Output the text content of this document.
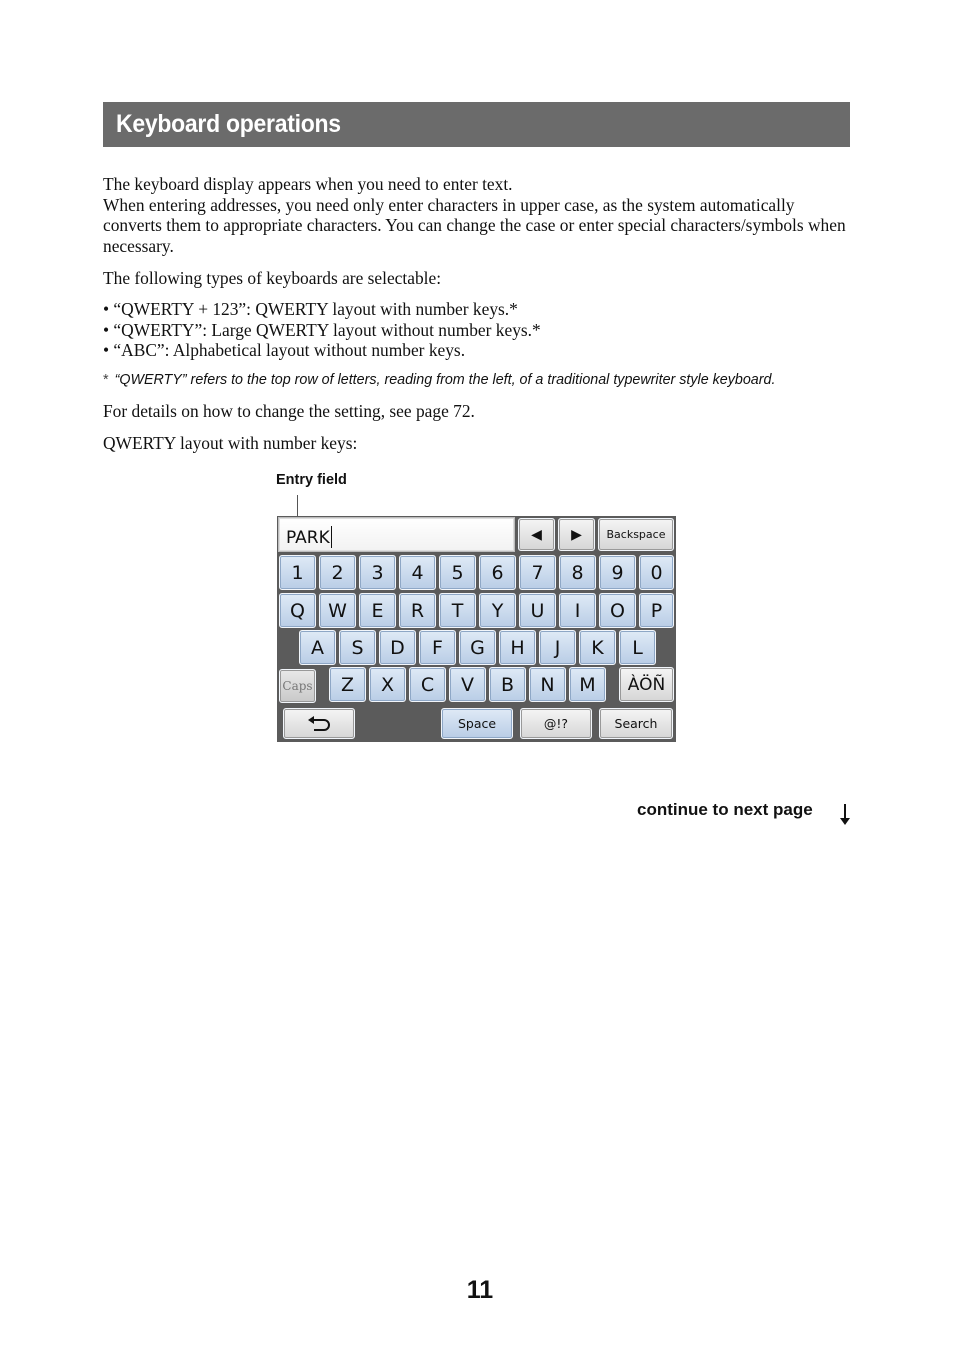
Keyboard operations

The keyboard display appears when you need to enter text.

When entering addresses, you need only enter characters in upper case, as the system automatically converts them to appropriate characters. You can change the case or enter special characters/symbols when necessary.

The following types of keyboards are selectable:

• “QWERTY + 123”: QWERTY layout with number keys.*
• “QWERTY”: Large QWERTY layout without number keys.*
• “ABC”: Alphabetical layout without number keys.
* “QWERTY” refers to the top row of letters, reading from the left, of a traditional typewriter style keyboard.

For details on how to change the setting, see page 72.

QWERTY layout with number keys:

Entry field
PARK	◀ ▶ Backspace
1 2 3 4 5 6 7 8 9 0
Q W E R T Y U I O P
A S D F G H J K L
Caps Z X C V B N M ÀÖÑ
Space	@!?	Search
continue to next page
11
